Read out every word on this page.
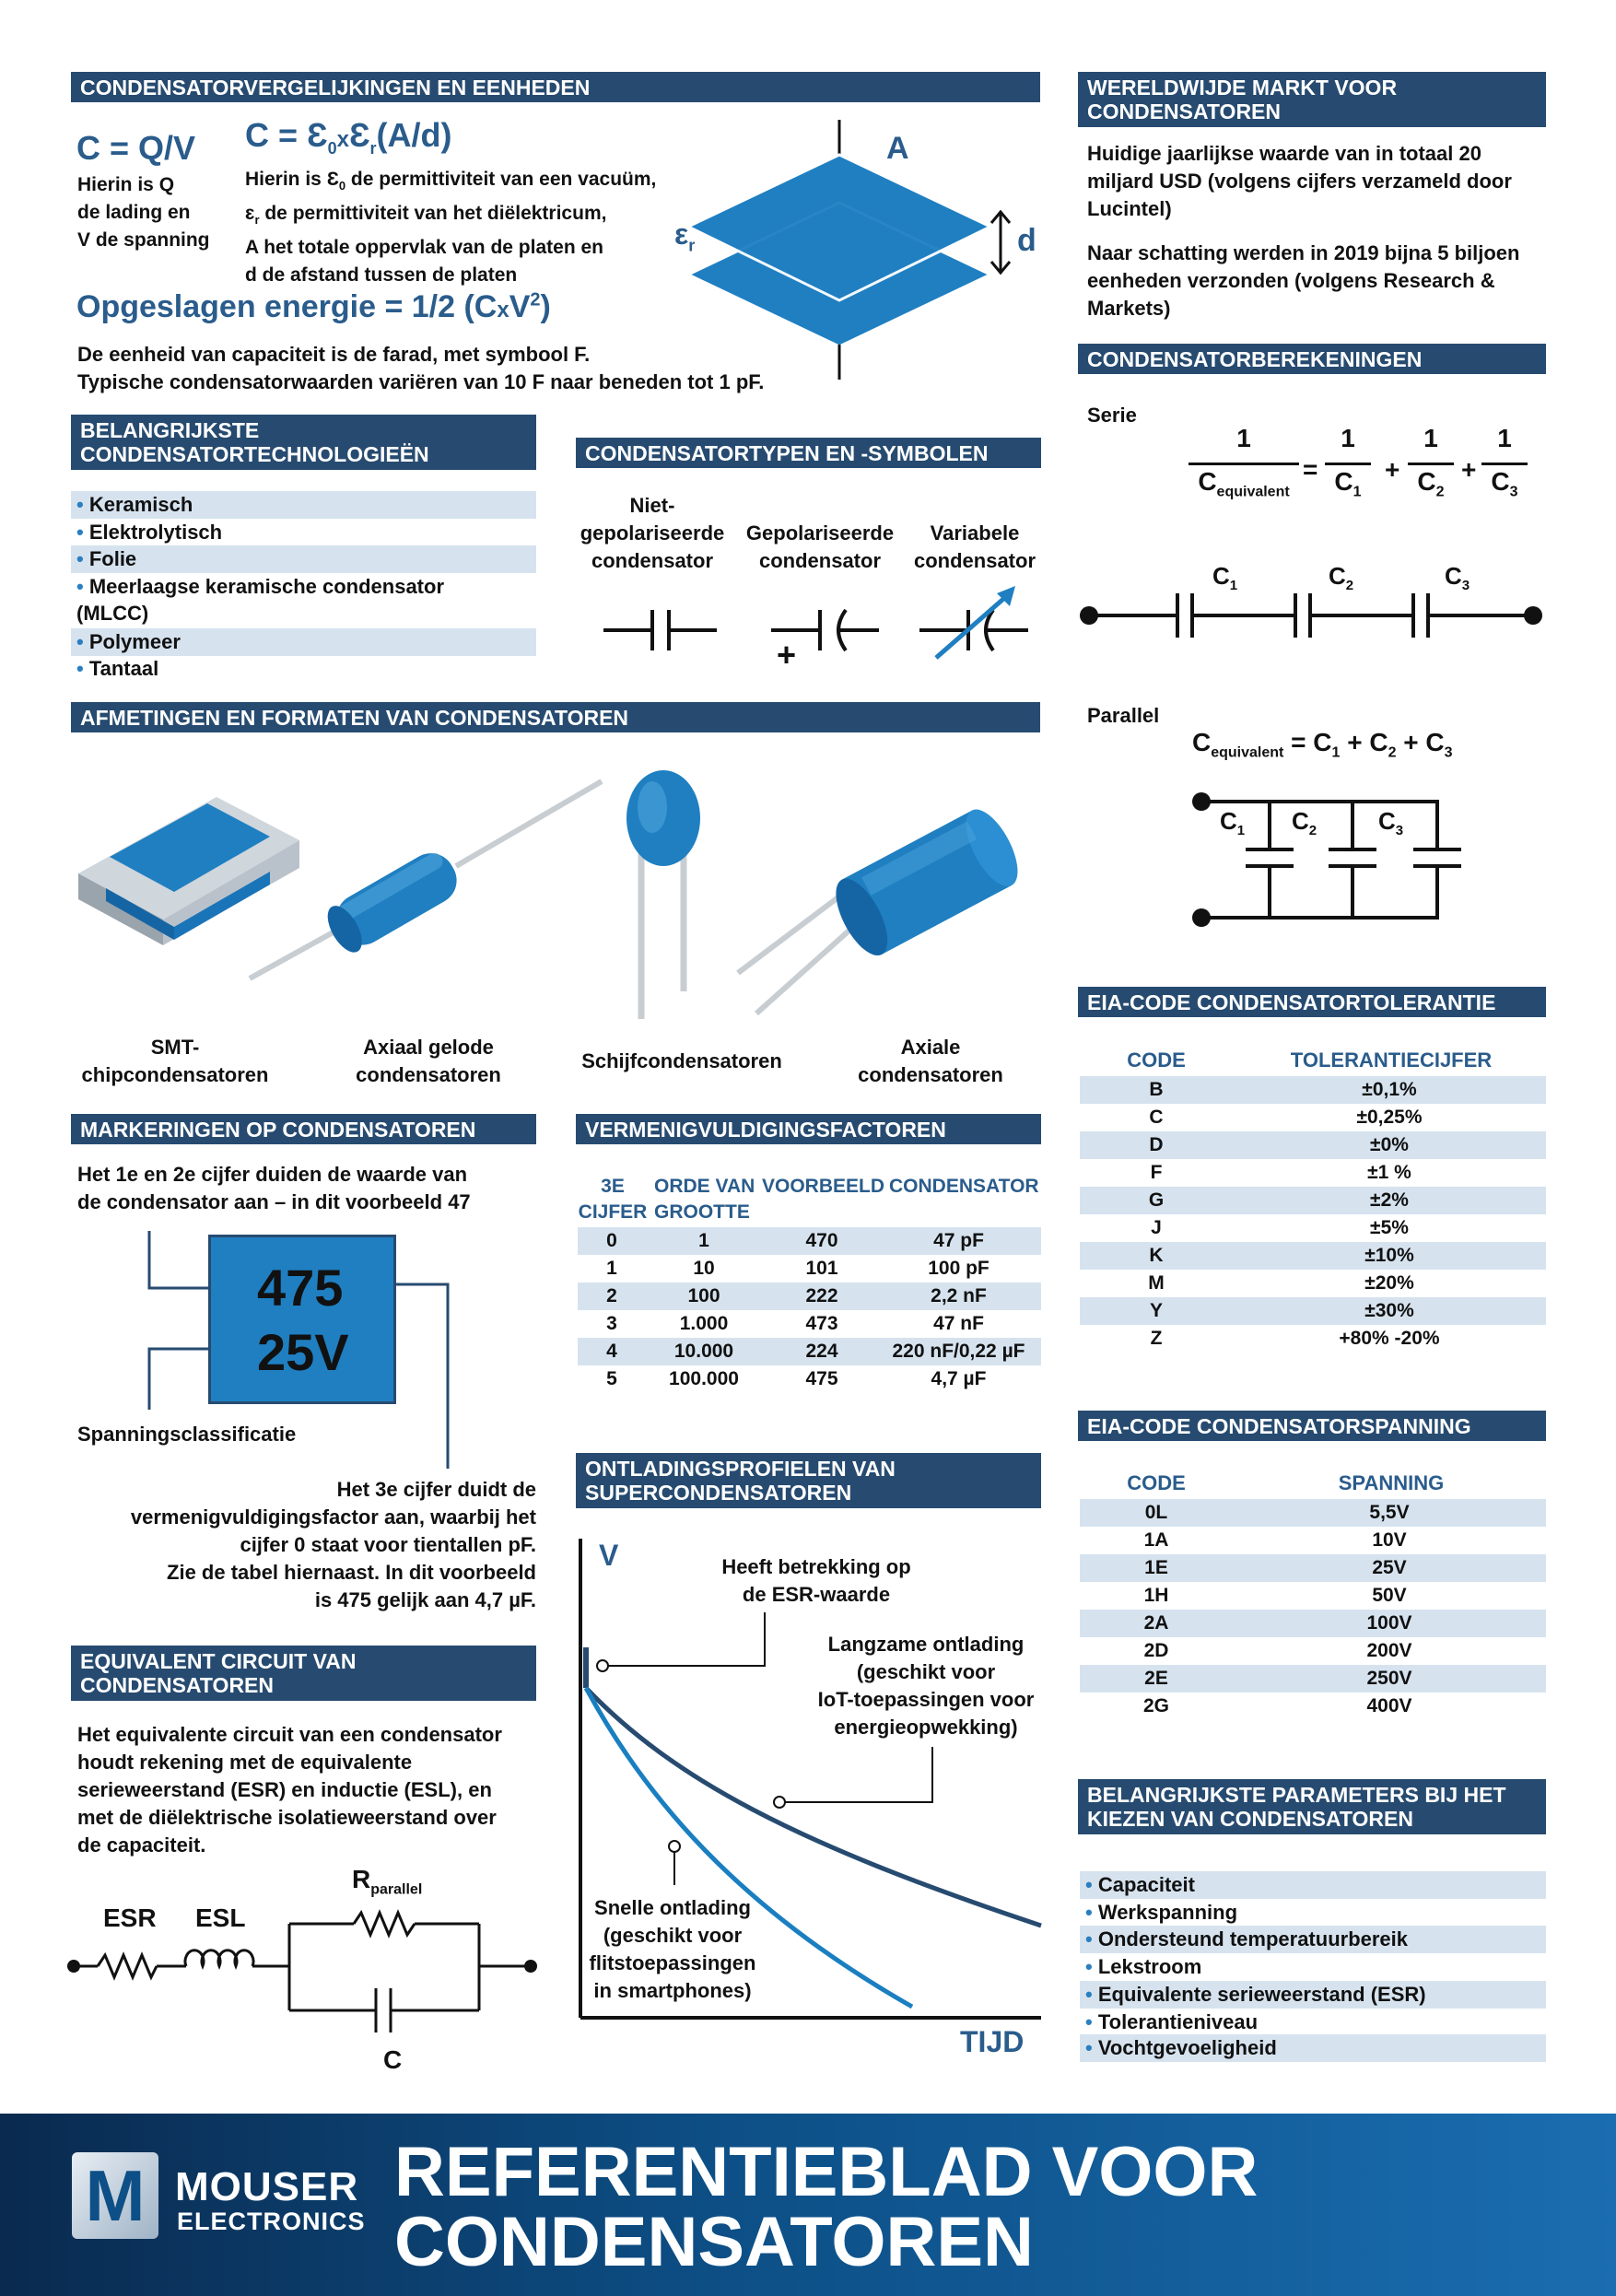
CONDENSATORVERGELIJKINGEN EN EENHEDEN
C = Q/V
Hierin is Q
de lading en
V de spanning
$C = Ɛ_0xƐ_r(A/d)$
Hierin is $Ɛ_0$ de permittiviteit van een vacuüm,
ɛ$_r$ de permittiviteit van het diëlektricum,
A het totale oppervlak van de platen en
d de afstand tussen de platen
Opgeslagen energie = 1/2 (CxV$^2$)
De eenheid van capaciteit is de farad, met symbool F.
Typische condensatorwaarden variëren van 10 F naar beneden tot 1 pF.
A
d
$\varepsilon_r$
WERELDWIJDE MARKT VOOR CONDENSATOREN
Huidige jaarlijkse waarde van in totaal 20 miljard USD (volgens cijfers verzameld door Lucintel)
Naar schatting werden in 2019 bijna 5 biljoen eenheden verzonden (volgens Research & Markets)
BELANGRIJKSTE CONDENSATORTECHNOLOGIEËN
• Keramisch
• Elektrolytisch
• Folie
• Meerlaagse keramische condensator
(MLCC)
• Polymeer
• Tantaal
CONDENSATORTYPEN EN -SYMBOLEN
Niet-
gepolariseerde
condensator
Gepolariseerde
condensator
Variabele
condensator
+
CONDENSATORBEREKENINGEN
Serie
1
$C_{equivalent}$
=
1
$C_1$
+
1
$C_2$
+
1
$C_3$
$C_1$	$C_2$	$C_3$
Parallel
$C_{equivalent} = C_1 + C_2 + C_3$
$C_1$ $C_2$	$C_3$
AFMETINGEN EN FORMATEN VAN CONDENSATOREN
SMT-
chipcondensatoren
Axiaal gelode
condensatoren
Schijfcondensatoren
Axiale
condensatoren
EIA-CODE CONDENSATORTOLERANTIE
CODE	TOLERANTIECIJFER
B	±0,1%
C	±0,25%
D	±0%
F	±1 %
G	±2%
J	±5%
K	±10%
M	±20%
Y	±30%
Z	+80% -20%
MARKERINGEN OP CONDENSATOREN
Het 1e en 2e cijfer duiden de waarde van
de condensator aan – in dit voorbeeld 47
475
25V
Spanningsclassificatie
Het 3e cijfer duidt de
vermenigvuldigingsfactor aan, waarbij het
cijfer 0 staat voor tientallen pF.
Zie de tabel hiernaast. In dit voorbeeld
is 475 gelijk aan 4,7 µF.
VERMENIGVULDIGINGSFACTOREN
3E
CIJFER
ORDE VAN
GROOTTE
VOORBEELD CONDENSATOR
0	1	470	47 pF
1	10	101	100 pF
2	100	222	2,2 nF
3	1.000	473	47 nF
4	10.000	224	220 nF/0,22 µF
5	100.000	475	4,7 µF
EIA-CODE CONDENSATORSPANNING
CODE	SPANNING
0L	5,5V
1A	10V
1E	25V
1H	50V
2A	100V
2D	200V
2E	250V
2G	400V
EQUIVALENT CIRCUIT VAN CONDENSATOREN
Het equivalente circuit van een condensator
houdt rekening met de equivalente
serieweerstand (ESR) en inductie (ESL), en
met de diëlektrische isolatieweerstand over
de capaciteit.
ESR ESL
$R_{parallel}$
C
ONTLADINGSPROFIELEN VAN SUPERCONDENSATOREN
V
TIJD
Heeft betrekking op
de ESR-waarde
Langzame ontlading
(geschikt voor
IoT-toepassingen voor
energieopwekking)
Snelle ontlading
(geschikt voor
flitstoepassingen
in smartphones)
BELANGRIJKSTE PARAMETERS BIJ HET KIEZEN VAN CONDENSATOREN
• Capaciteit
• Werkspanning
• Ondersteund temperatuurbereik
• Lekstroom
• Equivalente serieweerstand (ESR)
• Tolerantieniveau
• Vochtgevoeligheid
M MOUSER
ELECTRONICS
REFERENTIEBLAD VOOR
CONDENSATOREN
